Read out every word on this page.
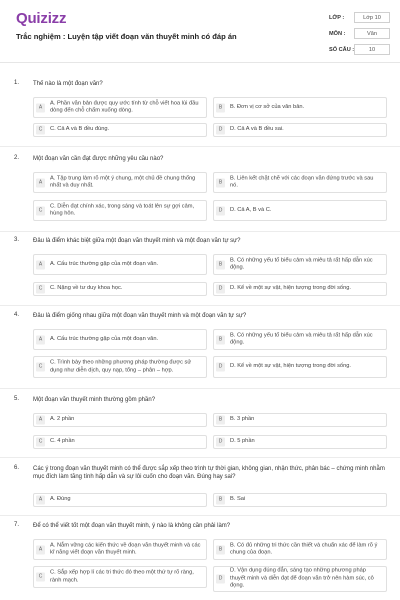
Quizizz
Trắc nghiệm : Luyện tập viết đoạn văn thuyết minh có đáp án
LỚP :	Lớp 10
MÔN :	Văn
SỐ CÂU :	10
1. Thế nào là một đoạn văn?
A
A. Phần văn bản được quy ước tính từ chỗ viết hoa lùi đầu dòng đến chỗ chấm xuống dòng.
B	B. Đơn vị cơ sở của văn bản.
C	C. Cả A và B đều đúng.	D	D. Cả A và B đều sai.
2. Một đoạn văn cần đạt được những yêu cầu nào?
A
A. Tập trung làm rõ một ý chung, một chủ đề chung thống nhất và duy nhất.
B
B. Liên kết chặt chẽ với các đoạn văn đứng trước và sau nó.
C
C. Diễn đạt chính xác, trong sáng và toát lên sự gợi cảm, hùng hôn.
D	D. Cả A, B và C.
3. Đâu là điểm khác biệt giữa một đoạn văn thuyết minh và một đoạn văn tự sự?
A	A. Cấu trúc thường gặp của một đoạn văn.	B
B. Có những yếu tố biểu cảm và miêu tả rất hấp dẫn xúc động.
C	C. Nặng về tư duy khoa học.	D	D. Kể về một sự vật, hiện tượng trong đời sống.
4. Đâu là điểm giống nhau giữa một đoạn văn thuyết minh và một đoạn văn tự sự?
A	A. Cấu trúc thường gặp của một đoạn văn.	B
B. Có những yếu tố biểu cảm và miêu tả rất hấp dẫn xúc động.
C
C. Trình bày theo những phương pháp thường được sử dụng như diễn dịch, quy nạp, tổng – phân – hợp.
D	D. Kể về một sự vật, hiện tượng trong đời sống.
5. Một đoạn văn thuyết minh thường gồm phần?
A	A. 2 phần	B	B. 3 phần
C	C. 4 phần	D	D. 5 phần
6. Các ý trong đoạn văn thuyết minh có thể được sắp xếp theo trình tự thời gian, không gian, nhận thức, phân bác – chứng minh nhằm mục đích làm tăng tính hấp dẫn và sự lôi cuốn cho đoạn văn. Đúng hay sai?
A	A. Đúng	B	B. Sai
7. Để có thể viết tốt một đoạn văn thuyết minh, ý nào là không cần phải làm?
A
A. Nắm vững các kiến thức về đoạn văn thuyết minh và các kĩ năng viết đoạn văn thuyết minh.
B
B. Có đủ những tri thức cần thiết và chuẩn xác để làm rõ ý chung của đoạn.
C
C. Sắp xếp hợp lí các tri thức đó theo một thứ tự rõ ràng, rành mạch.	D
D. Vận dụng đúng đắn, sáng tạo những phương pháp thuyết minh và diễn đạt để đoạn văn trở nên hàm súc, cô đọng.
